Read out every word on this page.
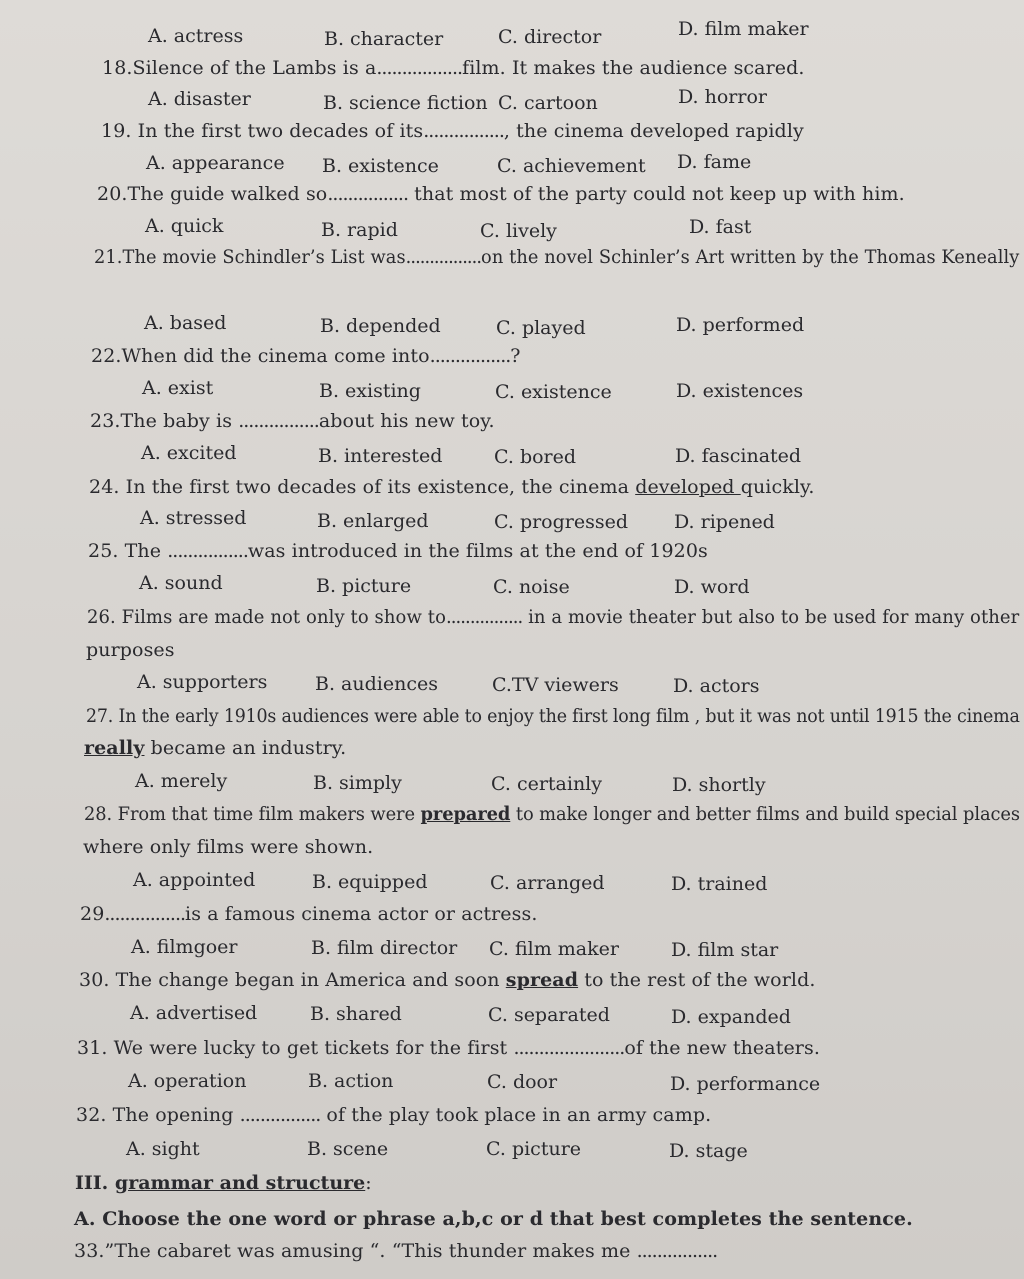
A. actress	B. character	C. director	D. film maker
18.Silence of the Lambs is a.................film. It makes the audience scared.
A. disaster	B. science fiction C. cartoon	D. horror
19. In the first two decades of its................, the cinema developed rapidly
A. appearance B. existence	C. achievement D. fame
20.The guide walked so................ that most of the party could not keep up with him.
A. quick	B. rapid	C. lively	D. fast
21.The movie Schindler’s List was................on the novel Schinler’s Art written by the Thomas Keneally
A. based	B. depended	C. played	D. performed
22.When did the cinema come into................?
A. exist	B. existing	C. existence	D. existences
23.The baby is ................about his new toy.
A. excited	B. interested	C. bored	D. fascinated
24. In the first two decades of its existence, the cinema developed quickly.
A. stressed	B. enlarged	C. progressed D. ripened
25. The ................was introduced in the films at the end of 1920s
A. sound	B. picture	C. noise	D. word
26. Films are made not only to show to................ in a movie theater but also to be used for many other
purposes
A. supporters	B. audiences	C.TV viewers	D. actors
27. In the early 1910s audiences were able to enjoy the first long film , but it was not until 1915 the cinema
really became an industry.
A. merely	B. simply	C. certainly	D. shortly
28. From that time film makers were prepared to make longer and better films and build special places
where only films were shown.
A. appointed	B. equipped	C. arranged	D. trained
29................is a famous cinema actor or actress.
A. filmgoer	B. film director C. film maker	D. film star
30. The change began in America and soon spread to the rest of the world.
A. advertised	B. shared	C. separated	D. expanded
31. We were lucky to get tickets for the first ......................of the new theaters.
A. operation	B. action	C. door	D. performance
32. The opening ................ of the play took place in an army camp.
A. sight	B. scene	C. picture	D. stage
III. grammar and structure:
A. Choose the one word or phrase a,b,c or d that best completes the sentence.
33.”The cabaret was amusing “. “This thunder makes me ................
